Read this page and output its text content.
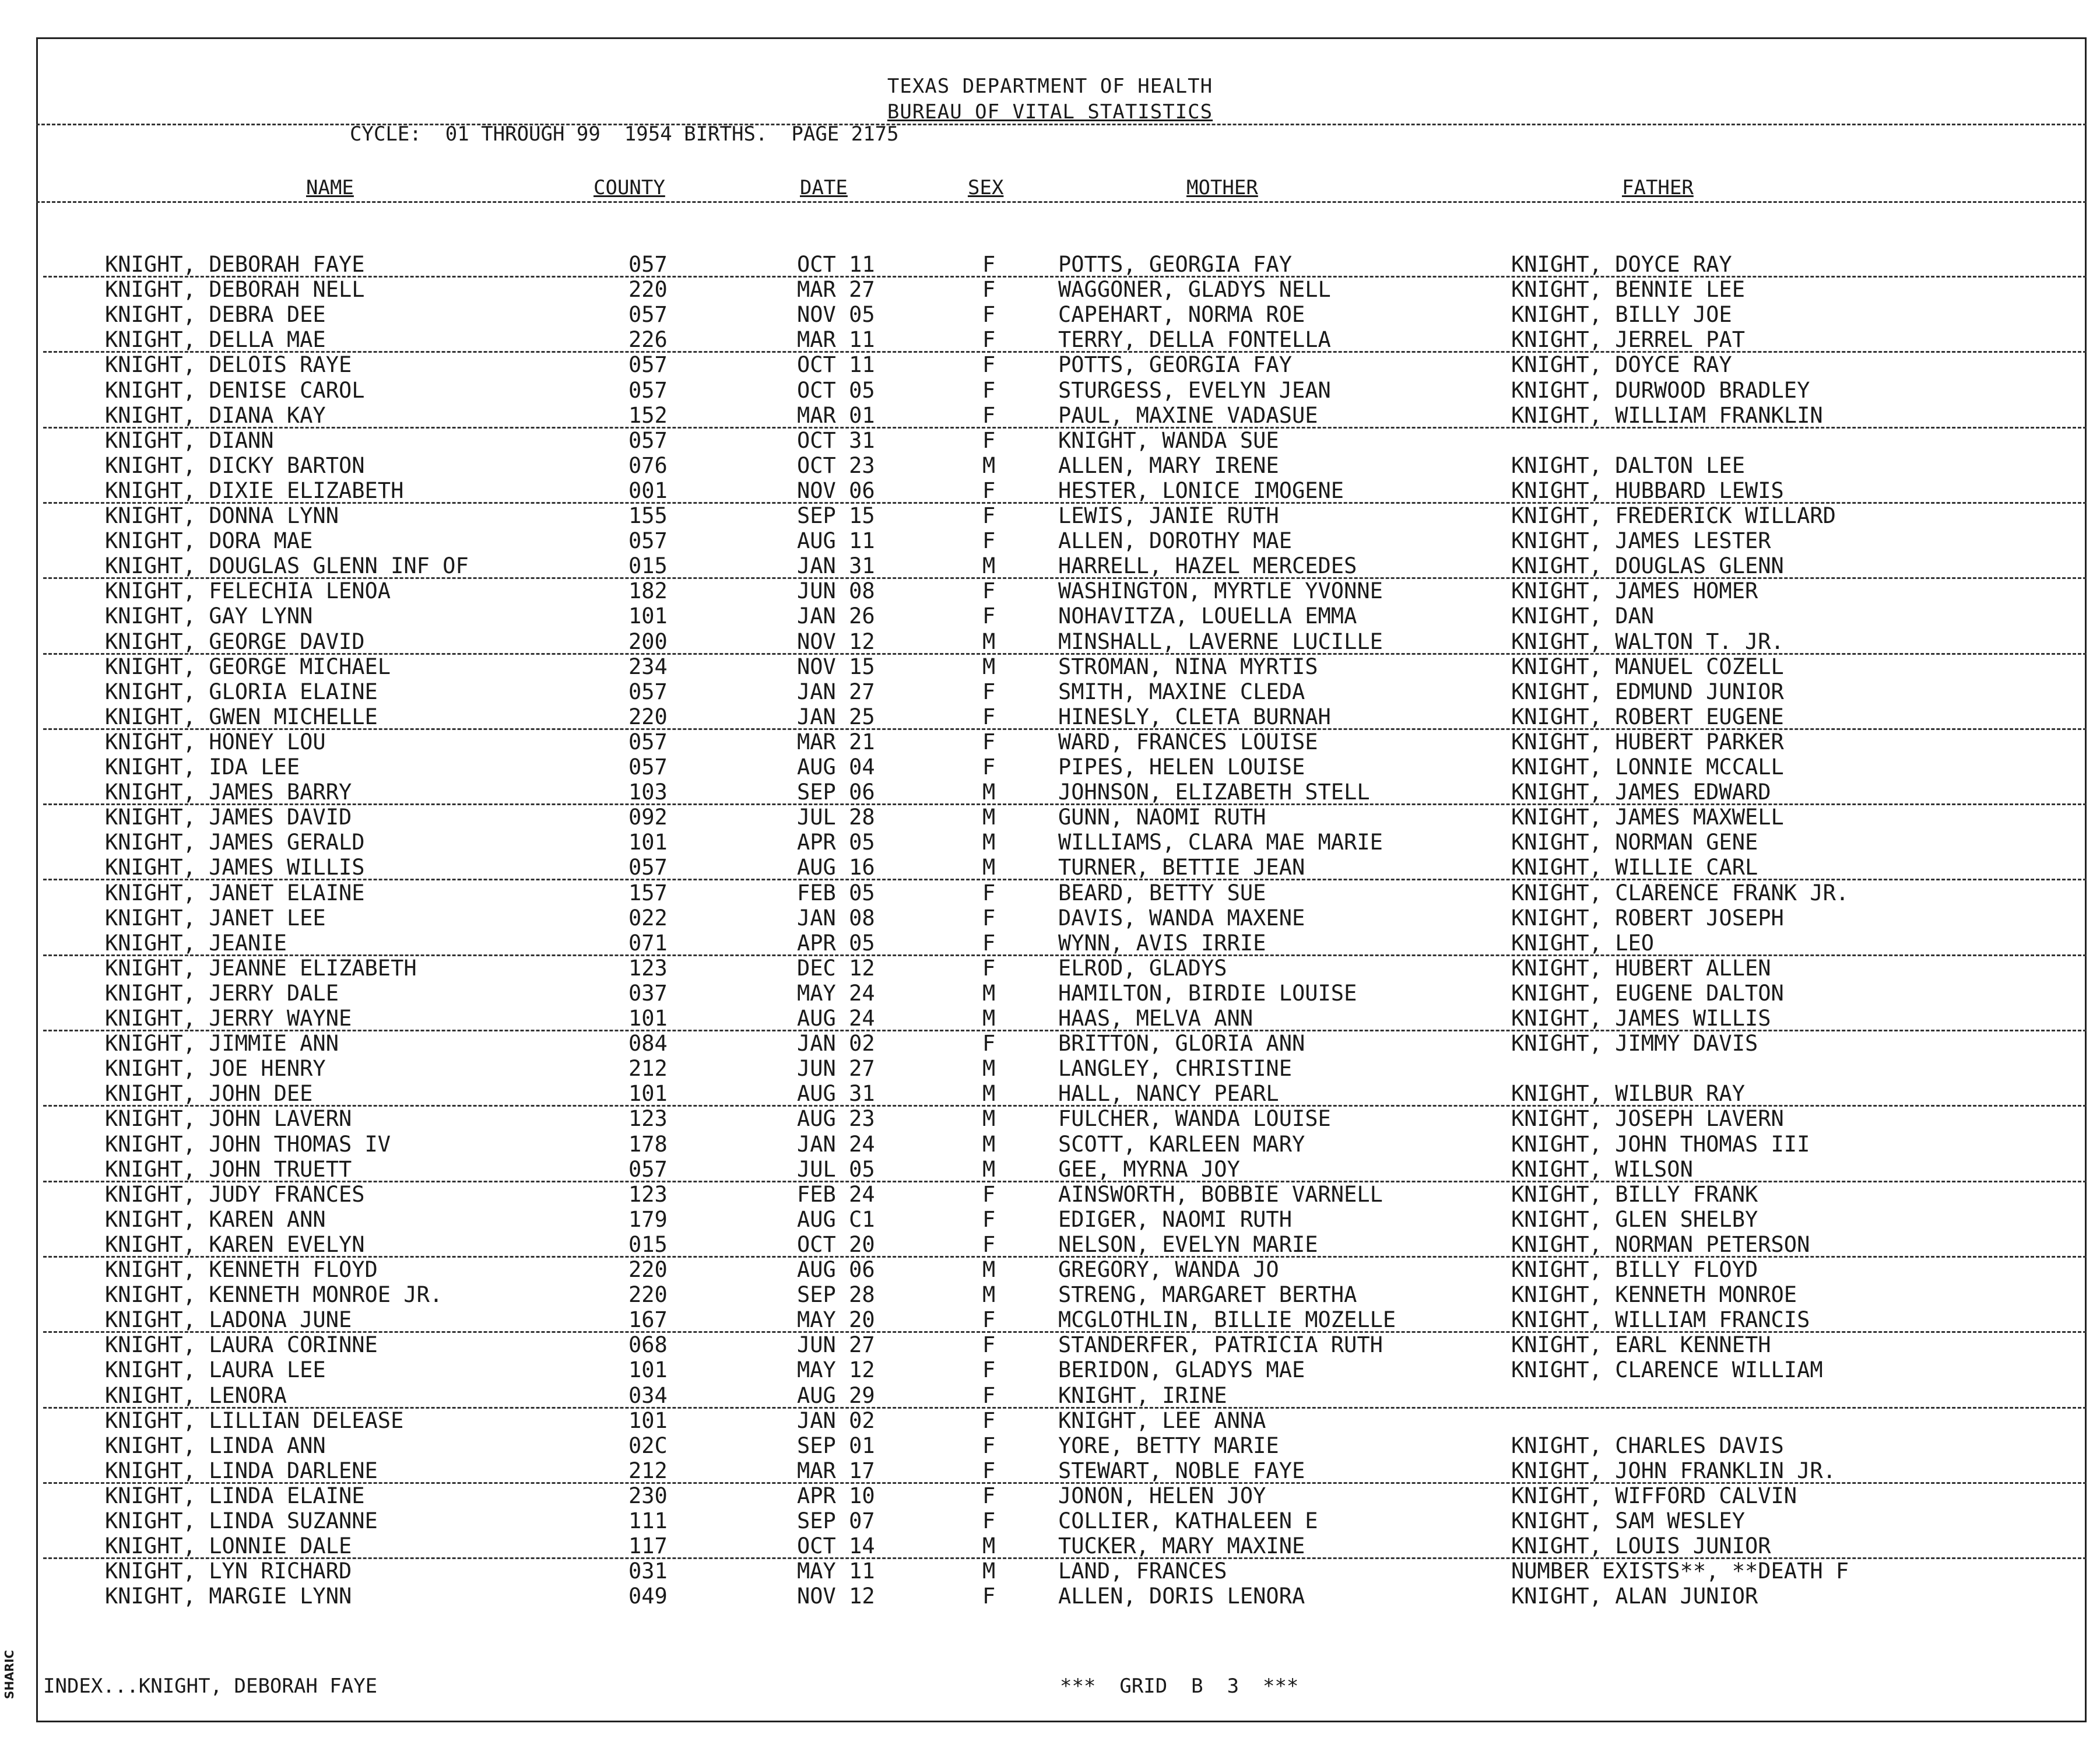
TEXAS DEPARTMENT OF HEALTH
BUREAU OF VITAL STATISTICS
CYCLE:  01 THROUGH 99  1954 BIRTHS.  PAGE 2175
NAME	COUNTY	DATE	SEX	MOTHER	FATHER
KNIGHT, DEBORAH FAYE	057	OCT 11	F	POTTS, GEORGIA FAY	KNIGHT, DOYCE RAY
KNIGHT, DEBORAH NELL	220	MAR 27	F	WAGGONER, GLADYS NELL	KNIGHT, BENNIE LEE
KNIGHT, DEBRA DEE	057	NOV 05	F	CAPEHART, NORMA ROE	KNIGHT, BILLY JOE
KNIGHT, DELLA MAE	226	MAR 11	F	TERRY, DELLA FONTELLA	KNIGHT, JERREL PAT
KNIGHT, DELOIS RAYE	057	OCT 11	F	POTTS, GEORGIA FAY	KNIGHT, DOYCE RAY
KNIGHT, DENISE CAROL	057	OCT 05	F	STURGESS, EVELYN JEAN	KNIGHT, DURWOOD BRADLEY
KNIGHT, DIANA KAY	152	MAR 01	F	PAUL, MAXINE VADASUE	KNIGHT, WILLIAM FRANKLIN
KNIGHT, DIANN	057	OCT 31	F	KNIGHT, WANDA SUE
KNIGHT, DICKY BARTON	076	OCT 23	M	ALLEN, MARY IRENE	KNIGHT, DALTON LEE
KNIGHT, DIXIE ELIZABETH	001	NOV 06	F	HESTER, LONICE IMOGENE	KNIGHT, HUBBARD LEWIS
KNIGHT, DONNA LYNN	155	SEP 15	F	LEWIS, JANIE RUTH	KNIGHT, FREDERICK WILLARD
KNIGHT, DORA MAE	057	AUG 11	F	ALLEN, DOROTHY MAE	KNIGHT, JAMES LESTER
KNIGHT, DOUGLAS GLENN INF OF	015	JAN 31	M	HARRELL, HAZEL MERCEDES	KNIGHT, DOUGLAS GLENN
KNIGHT, FELECHIA LENOA	182	JUN 08	F	WASHINGTON, MYRTLE YVONNE	KNIGHT, JAMES HOMER
KNIGHT, GAY LYNN	101	JAN 26	F	NOHAVITZA, LOUELLA EMMA	KNIGHT, DAN
KNIGHT, GEORGE DAVID	200	NOV 12	M	MINSHALL, LAVERNE LUCILLE	KNIGHT, WALTON T. JR.
KNIGHT, GEORGE MICHAEL	234	NOV 15	M	STROMAN, NINA MYRTIS	KNIGHT, MANUEL COZELL
KNIGHT, GLORIA ELAINE	057	JAN 27	F	SMITH, MAXINE CLEDA	KNIGHT, EDMUND JUNIOR
KNIGHT, GWEN MICHELLE	220	JAN 25	F	HINESLY, CLETA BURNAH	KNIGHT, ROBERT EUGENE
KNIGHT, HONEY LOU	057	MAR 21	F	WARD, FRANCES LOUISE	KNIGHT, HUBERT PARKER
KNIGHT, IDA LEE	057	AUG 04	F	PIPES, HELEN LOUISE	KNIGHT, LONNIE MCCALL
KNIGHT, JAMES BARRY	103	SEP 06	M	JOHNSON, ELIZABETH STELL	KNIGHT, JAMES EDWARD
KNIGHT, JAMES DAVID	092	JUL 28	M	GUNN, NAOMI RUTH	KNIGHT, JAMES MAXWELL
KNIGHT, JAMES GERALD	101	APR 05	M	WILLIAMS, CLARA MAE MARIE	KNIGHT, NORMAN GENE
KNIGHT, JAMES WILLIS	057	AUG 16	M	TURNER, BETTIE JEAN	KNIGHT, WILLIE CARL
KNIGHT, JANET ELAINE	157	FEB 05	F	BEARD, BETTY SUE	KNIGHT, CLARENCE FRANK JR.
KNIGHT, JANET LEE	022	JAN 08	F	DAVIS, WANDA MAXENE	KNIGHT, ROBERT JOSEPH
KNIGHT, JEANIE	071	APR 05	F	WYNN, AVIS IRRIE	KNIGHT, LEO
KNIGHT, JEANNE ELIZABETH	123	DEC 12	F	ELROD, GLADYS	KNIGHT, HUBERT ALLEN
KNIGHT, JERRY DALE	037	MAY 24	M	HAMILTON, BIRDIE LOUISE	KNIGHT, EUGENE DALTON
KNIGHT, JERRY WAYNE	101	AUG 24	M	HAAS, MELVA ANN	KNIGHT, JAMES WILLIS
KNIGHT, JIMMIE ANN	084	JAN 02	F	BRITTON, GLORIA ANN	KNIGHT, JIMMY DAVIS
KNIGHT, JOE HENRY	212	JUN 27	M	LANGLEY, CHRISTINE
KNIGHT, JOHN DEE	101	AUG 31	M	HALL, NANCY PEARL	KNIGHT, WILBUR RAY
KNIGHT, JOHN LAVERN	123	AUG 23	M	FULCHER, WANDA LOUISE	KNIGHT, JOSEPH LAVERN
KNIGHT, JOHN THOMAS IV	178	JAN 24	M	SCOTT, KARLEEN MARY	KNIGHT, JOHN THOMAS III
KNIGHT, JOHN TRUETT	057	JUL 05	M	GEE, MYRNA JOY	KNIGHT, WILSON
KNIGHT, JUDY FRANCES	123	FEB 24	F	AINSWORTH, BOBBIE VARNELL	KNIGHT, BILLY FRANK
KNIGHT, KAREN ANN	179	AUG C1	F	EDIGER, NAOMI RUTH	KNIGHT, GLEN SHELBY
KNIGHT, KAREN EVELYN	015	OCT 20	F	NELSON, EVELYN MARIE	KNIGHT, NORMAN PETERSON
KNIGHT, KENNETH FLOYD	220	AUG 06	M	GREGORY, WANDA JO	KNIGHT, BILLY FLOYD
KNIGHT, KENNETH MONROE JR.	220	SEP 28	M	STRENG, MARGARET BERTHA	KNIGHT, KENNETH MONROE
KNIGHT, LADONA JUNE	167	MAY 20	F	MCGLOTHLIN, BILLIE MOZELLE	KNIGHT, WILLIAM FRANCIS
KNIGHT, LAURA CORINNE	068	JUN 27	F	STANDERFER, PATRICIA RUTH	KNIGHT, EARL KENNETH
KNIGHT, LAURA LEE	101	MAY 12	F	BERIDON, GLADYS MAE	KNIGHT, CLARENCE WILLIAM
KNIGHT, LENORA	034	AUG 29	F	KNIGHT, IRINE
KNIGHT, LILLIAN DELEASE	101	JAN 02	F	KNIGHT, LEE ANNA
KNIGHT, LINDA ANN	02C	SEP 01	F	YORE, BETTY MARIE	KNIGHT, CHARLES DAVIS
KNIGHT, LINDA DARLENE	212	MAR 17	F	STEWART, NOBLE FAYE	KNIGHT, JOHN FRANKLIN JR.
KNIGHT, LINDA ELAINE	230	APR 10	F	JONON, HELEN JOY	KNIGHT, WIFFORD CALVIN
KNIGHT, LINDA SUZANNE	111	SEP 07	F	COLLIER, KATHALEEN E	KNIGHT, SAM WESLEY
KNIGHT, LONNIE DALE	117	OCT 14	M	TUCKER, MARY MAXINE	KNIGHT, LOUIS JUNIOR
KNIGHT, LYN RICHARD	031	MAY 11	M	LAND, FRANCES	NUMBER EXISTS**, **DEATH F
KNIGHT, MARGIE LYNN	049	NOV 12	F	ALLEN, DORIS LENORA	KNIGHT, ALAN JUNIOR
INDEX...KNIGHT, DEBORAH FAYE	***  GRID  B  3  ***
SHARIC
